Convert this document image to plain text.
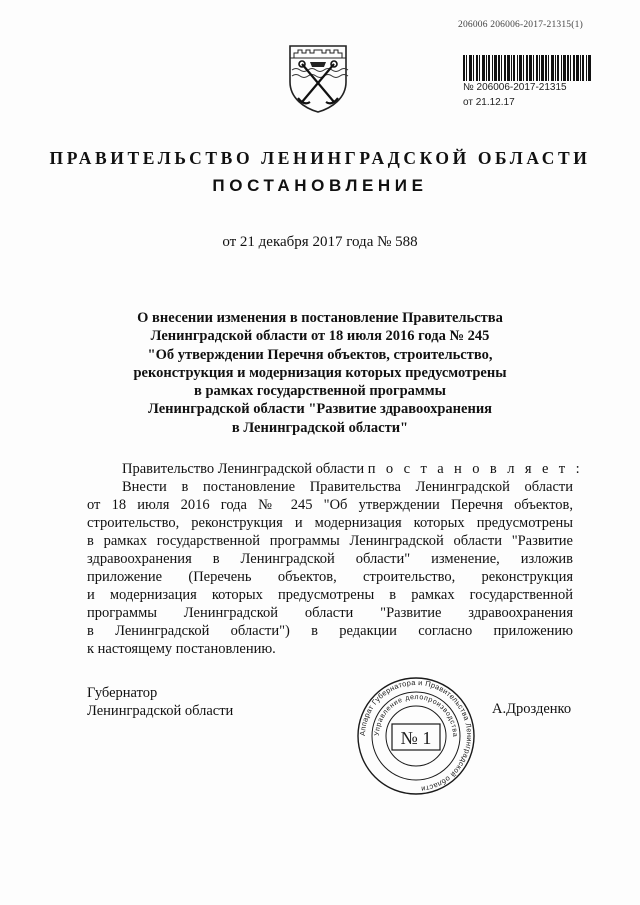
206006 206006-2017-21315(1)
№ 206006-2017-21315
от 21.12.17
ПРАВИТЕЛЬСТВО ЛЕНИНГРАДСКОЙ ОБЛАСТИ
ПОСТАНОВЛЕНИЕ
от 21 декабря 2017 года № 588
О внесении изменения в постановление Правительства
Ленинградской области от 18 июля 2016 года № 245
"Об утверждении Перечня объектов, строительство,
реконструкция и модернизация которых предусмотрены
в рамках государственной программы
Ленинградской области "Развитие здравоохранения
в Ленинградской области"
Правительство Ленинградской области п о с т а н о в л я е т :
Внести в постановление Правительства Ленинградской области
от 18 июля 2016 года № 245 "Об утверждении Перечня объектов,
строительство, реконструкция и модернизация которых предусмотрены
в рамках государственной программы Ленинградской области "Развитие
здравоохранения в Ленинградской области" изменение, изложив
приложение (Перечень объектов, строительство, реконструкция
и модернизация которых предусмотрены в рамках государственной
программы Ленинградской области "Развитие здравоохранения
в Ленинградской области") в редакции согласно приложению
к настоящему постановлению.
Губернатор
Ленинградской области	А.Дрозденко
Аппарат Губернатора и Правительства Ленинградской области
Управление делопроизводства
№ 1
